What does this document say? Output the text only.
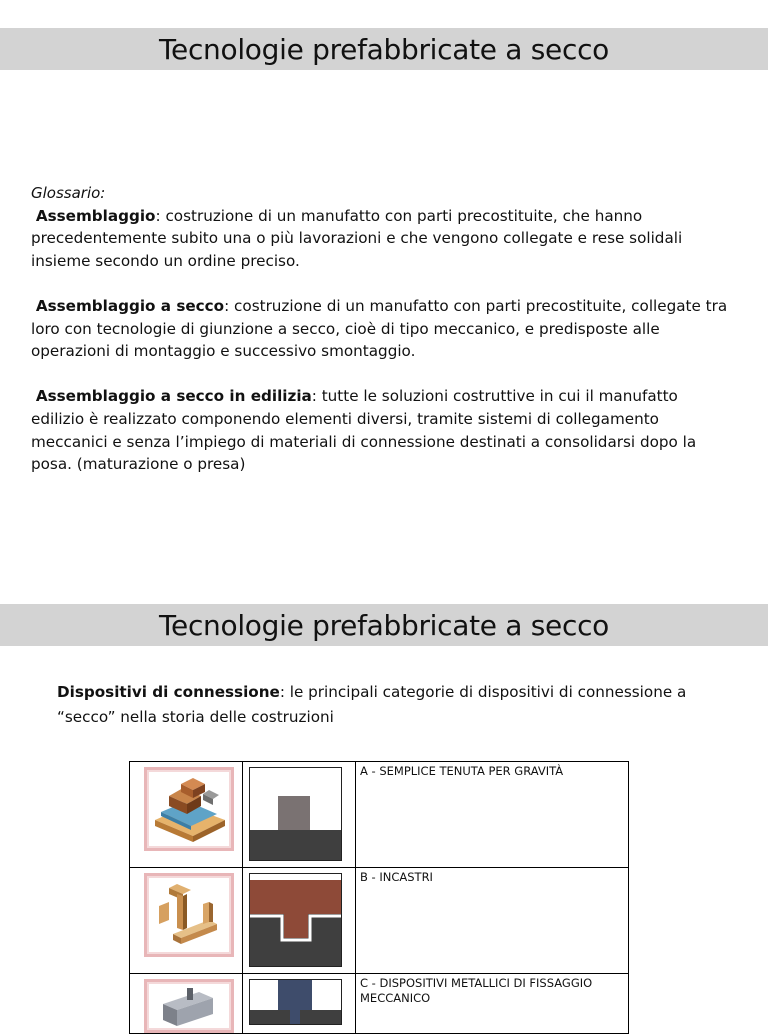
Tecnologie prefabbricate a secco
Glossario:

Assemblaggio: costruzione di un manufatto con parti precostituite, che hanno precedentemente subito una o più lavorazioni e che vengono collegate e rese solidali insieme secondo un ordine preciso.

Assemblaggio a secco: costruzione di un manufatto con parti precostituite, collegate tra loro con tecnologie di giunzione a secco, cioè di tipo meccanico, e predisposte alle operazioni di montaggio e successivo smontaggio.

Assemblaggio a secco in edilizia: tutte le soluzioni costruttive in cui il manufatto edilizio è realizzato componendo elementi diversi, tramite sistemi di collegamento meccanici e senza l’impiego di materiali di connessione destinati a consolidarsi dopo la posa. (maturazione o presa)

Tecnologie prefabbricate a secco
Dispositivi di connessione: le principali categorie di dispositivi di connessione a “secco” nella storia delle costruzioni

	A - SEMPLICE TENUTA PER GRAVITÀ

	B - INCASTRI

	C - DISPOSITIVI METALLICI DI FISSAGGIO MECCANICO
